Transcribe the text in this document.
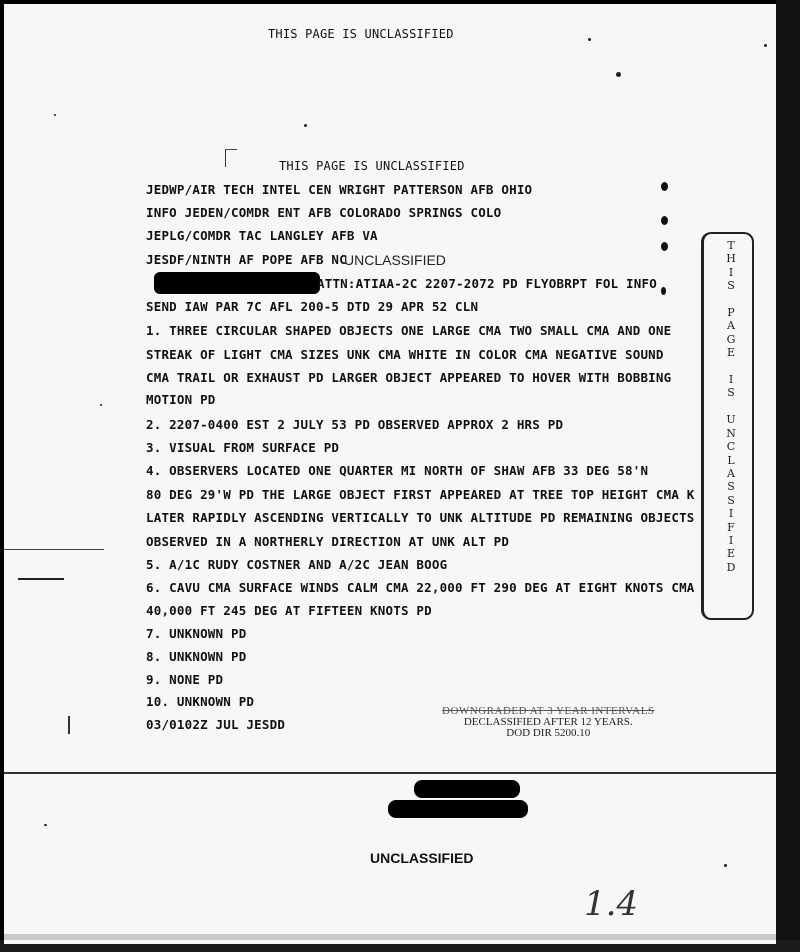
THIS PAGE IS UNCLASSIFIED
THIS PAGE IS UNCLASSIFIED
JEDWP/AIR TECH INTEL CEN WRIGHT PATTERSON AFB OHIO
INFO JEDEN/COMDR ENT AFB COLORADO SPRINGS COLO
JEPLG/COMDR TAC LANGLEY AFB VA
JESDF/NINTH AF POPE AFB NC
UNCLASSIFIED
ATTN:ATIAA-2C 2207-2072 PD FLYOBRPT FOL INFO
SEND IAW PAR 7C AFL 200-5 DTD 29 APR 52 CLN
1. THREE CIRCULAR SHAPED OBJECTS ONE LARGE CMA TWO SMALL CMA AND ONE
STREAK OF LIGHT CMA SIZES UNK CMA WHITE IN COLOR CMA NEGATIVE SOUND
CMA TRAIL OR EXHAUST PD LARGER OBJECT APPEARED TO HOVER WITH BOBBING
MOTION PD
2. 2207-0400 EST 2 JULY 53 PD OBSERVED APPROX 2 HRS PD
3. VISUAL FROM SURFACE PD
4. OBSERVERS LOCATED ONE QUARTER MI NORTH OF SHAW AFB 33 DEG 58'N
80 DEG 29'W PD THE LARGE OBJECT FIRST APPEARED AT TREE TOP HEIGHT CMA K
LATER RAPIDLY ASCENDING VERTICALLY TO UNK ALTITUDE PD REMAINING OBJECTS
OBSERVED IN A NORTHERLY DIRECTION AT UNK ALT PD
5. A/1C RUDY COSTNER AND A/2C JEAN BOOG
6. CAVU CMA SURFACE WINDS CALM CMA 22,000 FT 290 DEG AT EIGHT KNOTS CMA
40,000 FT 245 DEG AT FIFTEEN KNOTS PD
7. UNKNOWN PD
8. UNKNOWN PD
9. NONE PD
10. UNKNOWN PD
03/0102Z JUL JESDD
T
H
I
S

P
A
G
E

I
S

U
N
C
L
A
S
S
I
F
I
E
D
DOWNGRADED AT 3 YEAR INTERVALS
DECLASSIFIED AFTER 12 YEARS.
DOD DIR 5200.10
UNCLASSIFIED
1.4
